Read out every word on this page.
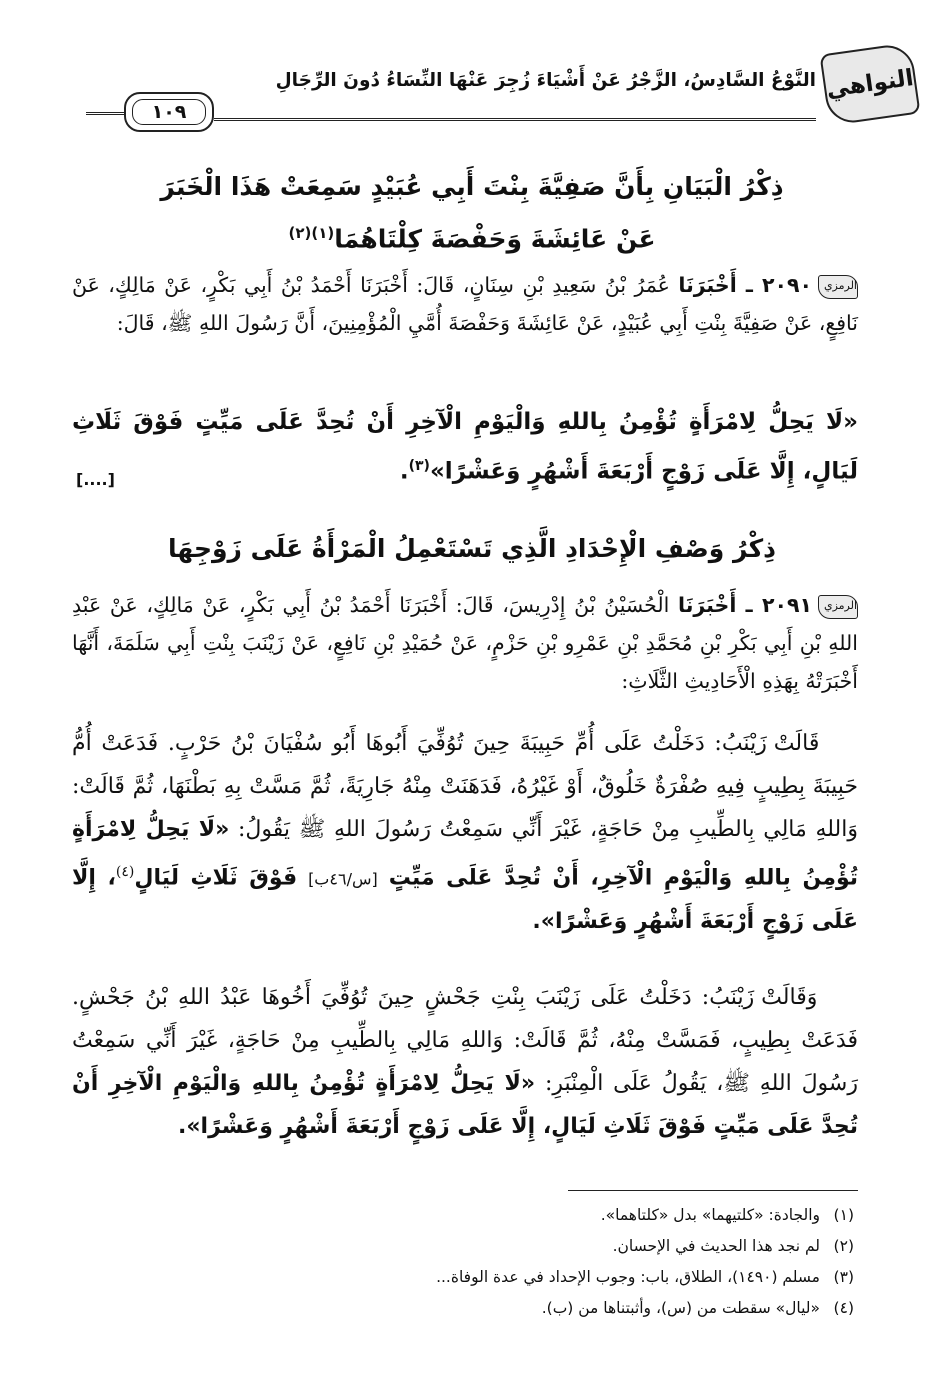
النواهي
النَّوْعُ السَّادِسُ، الزَّجْرُ عَنْ أَشْيَاءَ زُجِرَ عَنْهَا النِّسَاءُ دُونَ الرِّجَالِ
١٠٩
ذِكْرُ الْبَيَانِ بِأَنَّ صَفِيَّةَ بِنْتَ أَبِي عُبَيْدٍ سَمِعَتْ هَذَا الْخَبَرَ
عَنْ عَائِشَةَ وَحَفْصَةَ كِلْتَاهُمَا$^{(١)(٢)}$
الرمزي٢٠٩٠ ـ أَخْبَرَنَا عُمَرُ بْنُ سَعِيدِ بْنِ سِنَانٍ، قَالَ: أَخْبَرَنَا أَحْمَدُ بْنُ أَبِي بَكْرٍ، عَنْ مَالِكٍ، عَنْ نَافِعٍ، عَنْ صَفِيَّةَ بِنْتِ أَبِي عُبَيْدٍ، عَنْ عَائِشَةَ وَحَفْصَةَ أُمَّيِ الْمُؤْمِنِينَ، أَنَّ رَسُولَ اللهِ ﷺ، قَالَ:
«لَا يَحِلُّ لِامْرَأَةٍ تُؤْمِنُ بِاللهِ وَالْيَوْمِ الْآخِرِ أَنْ تُحِدَّ عَلَى مَيِّتٍ فَوْقَ ثَلَاثِ لَيَالٍ، إِلَّا عَلَى زَوْجٍ أَرْبَعَةَ أَشْهُرٍ وَعَشْرًا»$^{(٣)}$.
[....]
ذِكْرُ وَصْفِ الْإِحْدَادِ الَّذِي تَسْتَعْمِلُ الْمَرْأَةُ عَلَى زَوْجِهَا
الرمزي٢٠٩١ ـ أَخْبَرَنَا الْحُسَيْنُ بْنُ إِدْرِيسَ، قَالَ: أَخْبَرَنَا أَحْمَدُ بْنُ أَبِي بَكْرٍ، عَنْ مَالِكٍ، عَنْ عَبْدِ اللهِ بْنِ أَبِي بَكْرِ بْنِ مُحَمَّدِ بْنِ عَمْرِو بْنِ حَزْمٍ، عَنْ حُمَيْدِ بْنِ نَافِعٍ، عَنْ زَيْنَبَ بِنْتِ أَبِي سَلَمَةَ، أَنَّهَا أَخْبَرَتْهُ بِهَذِهِ الْأَحَادِيثِ الثَّلَاثِ:
قَالَتْ زَيْنَبُ: دَخَلْتُ عَلَى أُمِّ حَبِيبَةَ حِينَ تُوُفِّيَ أَبُوهَا أَبُو سُفْيَانَ بْنُ حَرْبٍ. فَدَعَتْ أُمُّ حَبِيبَةَ بِطِيبٍ فِيهِ صُفْرَةٌ خَلُوقٌ، أَوْ غَيْرُهُ، فَدَهَنَتْ مِنْهُ جَارِيَةً، ثُمَّ مَسَّتْ بِهِ بَطْنَهَا، ثُمَّ قَالَتْ: وَاللهِ مَالِي بِالطِّيبِ مِنْ حَاجَةٍ، غَيْرَ أَنِّي سَمِعْتُ رَسُولَ اللهِ ﷺ يَقُولُ: «لَا يَحِلُّ لِامْرَأَةٍ تُؤْمِنُ بِاللهِ وَالْيَوْمِ الْآخِرِ، أَنْ تُحِدَّ عَلَى مَيِّتٍ [س/٤٦ب] فَوْقَ ثَلَاثِ لَيَالٍ$^{(٤)}$، إِلَّا عَلَى زَوْجٍ أَرْبَعَةَ أَشْهُرٍ وَعَشْرًا».
وَقَالَتْ زَيْنَبُ: دَخَلْتُ عَلَى زَيْنَبَ بِنْتِ جَحْشٍ حِينَ تُوُفِّيَ أَخُوهَا عَبْدُ اللهِ بْنُ جَحْشٍ. فَدَعَتْ بِطِيبٍ، فَمَسَّتْ مِنْهُ، ثُمَّ قَالَتْ: وَاللهِ مَالِي بِالطِّيبِ مِنْ حَاجَةٍ، غَيْرَ أَنِّي سَمِعْتُ رَسُولَ اللهِ ﷺ، يَقُولُ عَلَى الْمِنْبَرِ: «لَا يَحِلُّ لِامْرَأَةٍ تُؤْمِنُ بِاللهِ وَالْيَوْمِ الْآخِرِ أَنْ تُحِدَّ عَلَى مَيِّتٍ فَوْقَ ثَلَاثِ لَيَالٍ، إِلَّا عَلَى زَوْجٍ أَرْبَعَةَ أَشْهُرٍ وَعَشْرًا».
(١)والجادة: «كلتيهما» بدل «كلتاهما».
(٢)لم نجد هذا الحديث في الإحسان.
(٣)مسلم (١٤٩٠)، الطلاق، باب: وجوب الإحداد في عدة الوفاة...
(٤)«ليال» سقطت من (س)، وأثبتناها من (ب).
